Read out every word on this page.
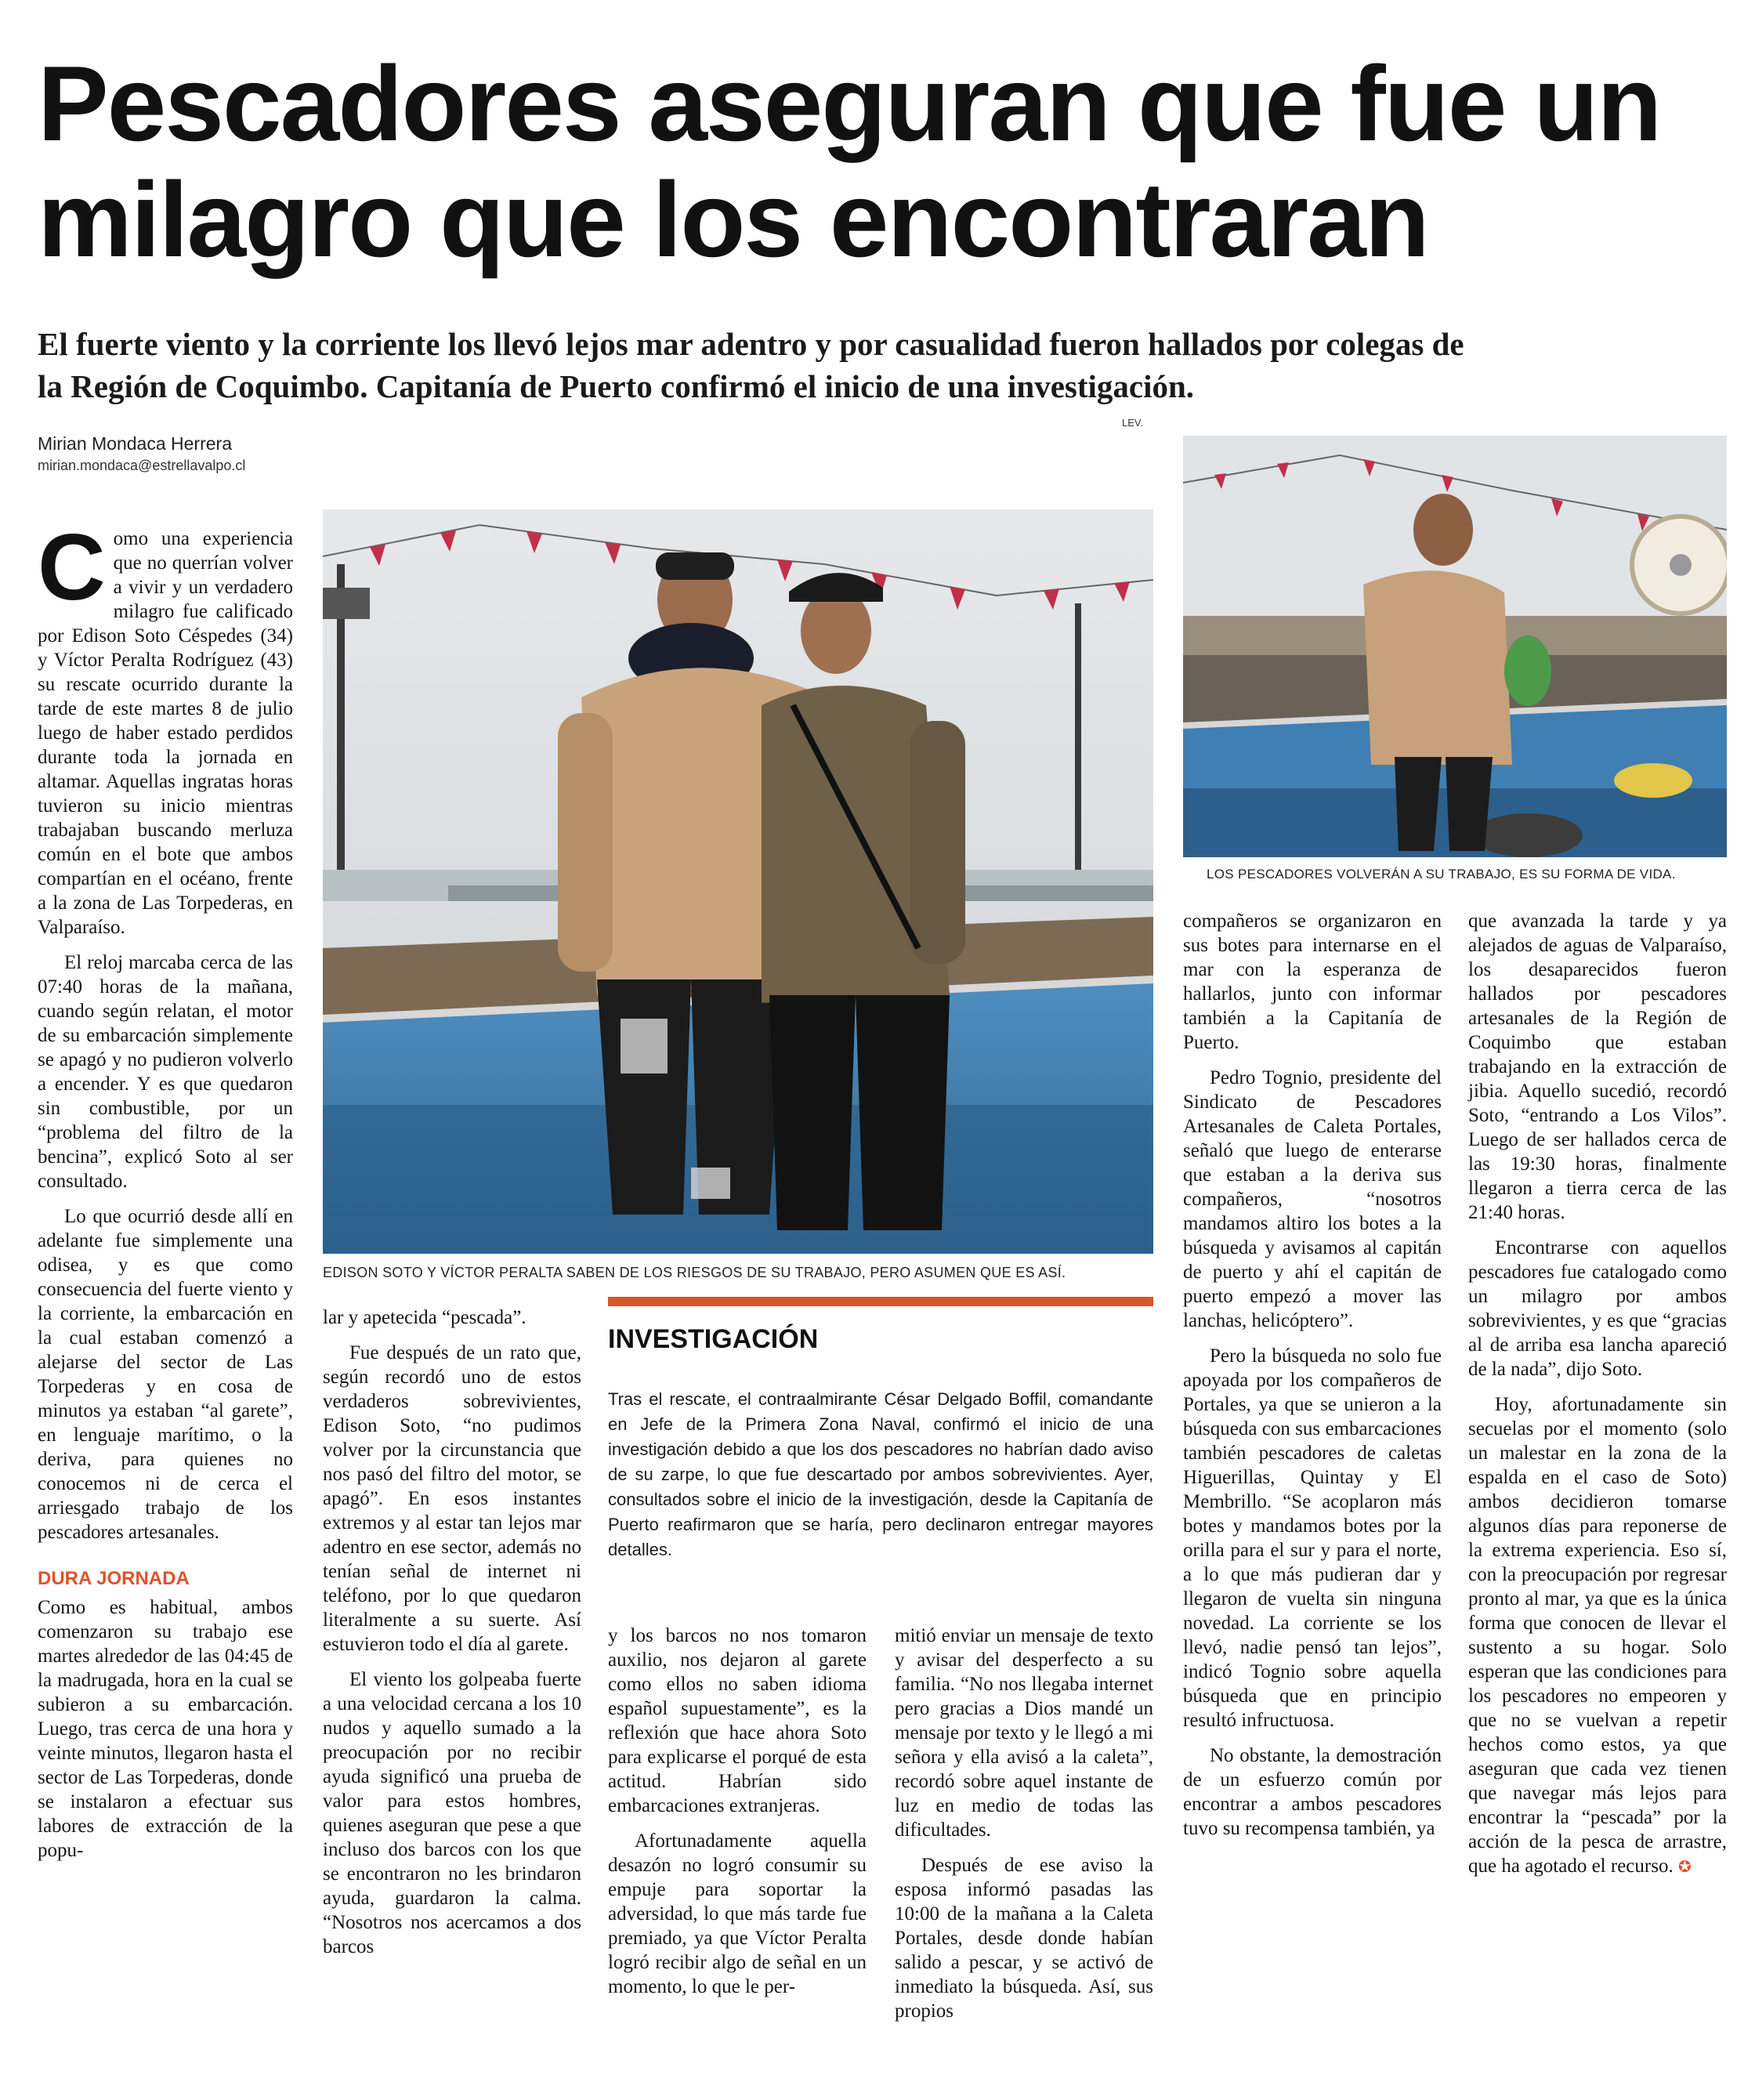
Pescadores aseguran que fue un milagro que los encontraran
El fuerte viento y la corriente los llevó lejos mar adentro y por casualidad fueron hallados por colegas de la Región de Coquimbo. Capitanía de Puerto confirmó el inicio de una investigación.
Mirian Mondaca Herrera
mirian.mondaca@estrellavalpo.cl
LEV.

Como una experiencia que no querrían volver a vivir y un verdadero milagro fue calificado por Edison Soto Céspedes (34) y Víctor Peralta Rodríguez (43) su rescate ocurrido durante la tarde de este martes 8 de julio luego de haber estado perdidos durante toda la jornada en altamar. Aquellas ingratas horas tuvieron su inicio mientras trabajaban buscando merluza común en el bote que ambos compartían en el océano, frente a la zona de Las Torpederas, en Valparaíso.

El reloj marcaba cerca de las 07:40 horas de la mañana, cuando según relatan, el motor de su embarcación simplemente se apagó y no pudieron volverlo a encender. Y es que quedaron sin combustible, por un “problema del filtro de la bencina”, explicó Soto al ser consultado.

Lo que ocurrió desde allí en adelante fue simplemente una odisea, y es que como consecuencia del fuerte viento y la corriente, la embarcación en la cual estaban comenzó a alejarse del sector de Las Torpederas y en cosa de minutos ya estaban “al garete”, en lenguaje marítimo, o la deriva, para quienes no conocemos ni de cerca el arriesgado trabajo de los pescadores artesanales.

DURA JORNADA

Como es habitual, ambos comenzaron su trabajo ese martes alrededor de las 04:45 de la madrugada, hora en la cual se subieron a su embarcación. Luego, tras cerca de una hora y veinte minutos, llegaron hasta el sector de Las Torpederas, donde se instalaron a efectuar sus labores de extracción de la popu-

EDISON SOTO Y VÍCTOR PERALTA SABEN DE LOS RIESGOS DE SU TRABAJO, PERO ASUMEN QUE ES ASÍ.
LOS PESCADORES VOLVERÁN A SU TRABAJO, ES SU FORMA DE VIDA.

lar y apetecida “pescada”.

Fue después de un rato que, según recordó uno de estos verdaderos sobrevivientes, Edison Soto, “no pudimos volver por la circunstancia que nos pasó del filtro del motor, se apagó”. En esos instantes extremos y al estar tan lejos mar adentro en ese sector, además no tenían señal de internet ni teléfono, por lo que quedaron literalmente a su suerte. Así estuvieron todo el día al garete.

El viento los golpeaba fuerte a una velocidad cercana a los 10 nudos y aquello sumado a la preocupación por no recibir ayuda significó una prueba de valor para estos hombres, quienes aseguran que pese a que incluso dos barcos con los que se encontraron no les brindaron ayuda, guardaron la calma. “Nosotros nos acercamos a dos barcos

INVESTIGACIÓN
Tras el rescate, el contraalmirante César Delgado Boffil, comandante en Jefe de la Primera Zona Naval, confirmó el inicio de una investigación debido a que los dos pescadores no habrían dado aviso de su zarpe, lo que fue descartado por ambos sobrevivientes. Ayer, consultados sobre el inicio de la investigación, desde la Capitanía de Puerto reafirmaron que se haría, pero declinaron entregar mayores detalles.

y los barcos no nos tomaron auxilio, nos dejaron al garete como ellos no saben idioma español supuestamente”, es la reflexión que hace ahora Soto para explicarse el porqué de esta actitud. Habrían sido embarcaciones extranjeras.

Afortunadamente aquella desazón no logró consumir su empuje para soportar la adversidad, lo que más tarde fue premiado, ya que Víctor Peralta logró recibir algo de señal en un momento, lo que le per-

mitió enviar un mensaje de texto y avisar del desperfecto a su familia. “No nos llegaba internet pero gracias a Dios mandé un mensaje por texto y le llegó a mi señora y ella avisó a la caleta”, recordó sobre aquel instante de luz en medio de todas las dificultades.

Después de ese aviso la esposa informó pasadas las 10:00 de la mañana a la Caleta Portales, desde donde habían salido a pescar, y se activó de inmediato la búsqueda. Así, sus propios

compañeros se organizaron en sus botes para internarse en el mar con la esperanza de hallarlos, junto con informar también a la Capitanía de Puerto.

Pedro Tognio, presidente del Sindicato de Pescadores Artesanales de Caleta Portales, señaló que luego de enterarse que estaban a la deriva sus compañeros, “nosotros mandamos altiro los botes a la búsqueda y avisamos al capitán de puerto y ahí el capitán de puerto empezó a mover las lanchas, helicóptero”.

Pero la búsqueda no solo fue apoyada por los compañeros de Portales, ya que se unieron a la búsqueda con sus embarcaciones también pescadores de caletas Higuerillas, Quintay y El Membrillo. “Se acoplaron más botes y mandamos botes por la orilla para el sur y para el norte, a lo que más pudieran dar y llegaron de vuelta sin ninguna novedad. La corriente se los llevó, nadie pensó tan lejos”, indicó Tognio sobre aquella búsqueda que en principio resultó infructuosa.

No obstante, la demostración de un esfuerzo común por encontrar a ambos pescadores tuvo su recompensa también, ya

que avanzada la tarde y ya alejados de aguas de Valparaíso, los desaparecidos fueron hallados por pescadores artesanales de la Región de Coquimbo que estaban trabajando en la extracción de jibia. Aquello sucedió, recordó Soto, “entrando a Los Vilos”. Luego de ser hallados cerca de las 19:30 horas, finalmente llegaron a tierra cerca de las 21:40 horas.

Encontrarse con aquellos pescadores fue catalogado como un milagro por ambos sobrevivientes, y es que “gracias al de arriba esa lancha apareció de la nada”, dijo Soto.

Hoy, afortunadamente sin secuelas por el momento (solo un malestar en la zona de la espalda en el caso de Soto) ambos decidieron tomarse algunos días para reponerse de la extrema experiencia. Eso sí, con la preocupación por regresar pronto al mar, ya que es la única forma que conocen de llevar el sustento a su hogar. Solo esperan que las condiciones para los pescadores no empeoren y que no se vuelvan a repetir hechos como estos, ya que aseguran que cada vez tienen que navegar más lejos para encontrar la “pescada” por la acción de la pesca de arrastre, que ha agotado el recurso. ✪
